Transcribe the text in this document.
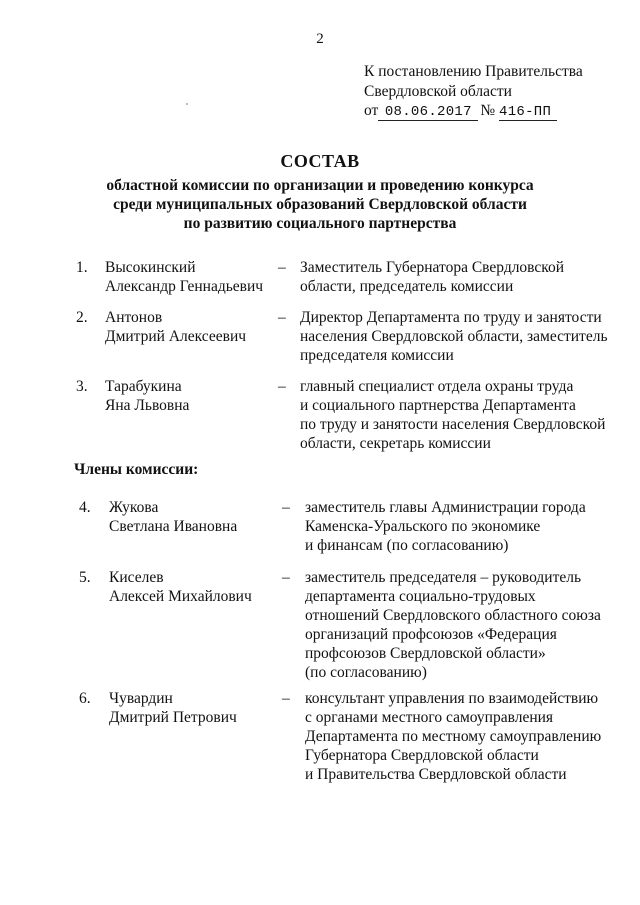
2
К постановлению Правительства
Свердловской области
от 08.06.2017 № 416-ПП
СОСТАВ
областной комиссии по организации и проведению конкурса
среди муниципальных образований Свердловской области
по развитию социального партнерства
1. Высокинский
Александр Геннадьевич
– Заместитель Губернатора Свердловской
области, председатель комиссии
2. Антонов
Дмитрий Алексеевич
– Директор Департамента по труду и занятости
населения Свердловской области, заместитель
председателя комиссии
3. Тарабукина
Яна Львовна
– главный специалист отдела охраны труда
и социального партнерства Департамента
по труду и занятости населения Свердловской
области, секретарь комиссии
Члены комиссии:
4. Жукова
Светлана Ивановна
– заместитель главы Администрации города
Каменска-Уральского по экономике
и финансам (по согласованию)
5. Киселев
Алексей Михайлович
– заместитель председателя – руководитель
департамента социально-трудовых
отношений Свердловского областного союза
организаций профсоюзов «Федерация
профсоюзов Свердловской области»
(по согласованию)
6. Чувардин
Дмитрий Петрович
– консультант управления по взаимодействию
с органами местного самоуправления
Департамента по местному самоуправлению
Губернатора Свердловской области
и Правительства Свердловской области
